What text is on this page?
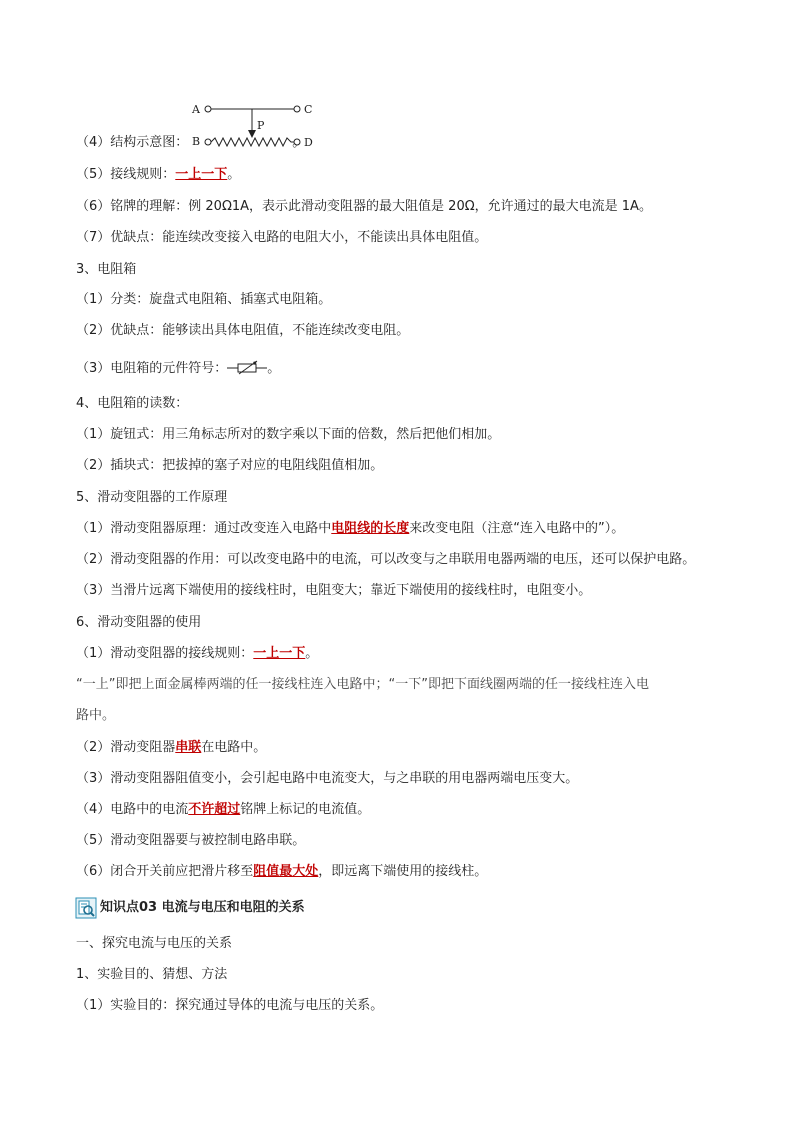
A	C
P
B	D
（4）结构示意图：	。
（5）接线规则：一上一下。
（6）铭牌的理解：例 20Ω1A，表示此滑动变阻器的最大阻值是 20Ω，允许通过的最大电流是 1A。
（7）优缺点：能连续改变接入电路的电阻大小，不能读出具体电阻值。
3、电阻箱
（1）分类：旋盘式电阻箱、插塞式电阻箱。
（2）优缺点：能够读出具体电阻值，不能连续改变电阻。
（3）电阻箱的元件符号：	。
4、电阻箱的读数：
（1）旋钮式：用三角标志所对的数字乘以下面的倍数，然后把他们相加。
（2）插块式：把拔掉的塞子对应的电阻线阻值相加。
5、滑动变阻器的工作原理
（1）滑动变阻器原理：通过改变连入电路中电阻线的长度来改变电阻（注意“连入电路中的”）。
（2）滑动变阻器的作用：可以改变电路中的电流，可以改变与之串联用电器两端的电压，还可以保护电路。
（3）当滑片远离下端使用的接线柱时，电阻变大；靠近下端使用的接线柱时，电阻变小。
6、滑动变阻器的使用
（1）滑动变阻器的接线规则：一上一下。
“一上”即把上面金属棒两端的任一接线柱连入电路中；“一下”即把下面线圈两端的任一接线柱连入电
路中。
（2）滑动变阻器串联在电路中。
（3）滑动变阻器阻值变小，会引起电路中电流变大，与之串联的用电器两端电压变大。
（4）电路中的电流不许超过铭牌上标记的电流值。
（5）滑动变阻器要与被控制电路串联。
（6）闭合开关前应把滑片移至阻值最大处，即远离下端使用的接线柱。
知识点03 电流与电压和电阻的关系
一、探究电流与电压的关系
1、实验目的、猜想、方法
（1）实验目的：探究通过导体的电流与电压的关系。
